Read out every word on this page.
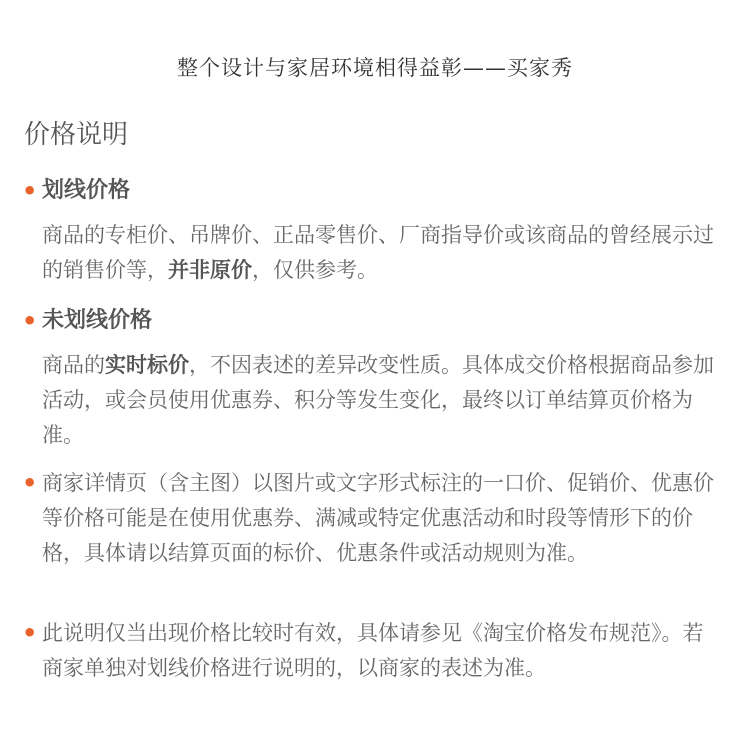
整个设计与家居环境相得益彰——买家秀
价格说明
• 划线价格
商品的专柜价、吊牌价、正品零售价、厂商指导价或该商品的曾经展示过的销售价等，并非原价，仅供参考。
• 未划线价格
商品的实时标价，不因表述的差异改变性质。具体成交价格根据商品参加活动，或会员使用优惠券、积分等发生变化，最终以订单结算页价格为准。
• 商家详情页（含主图）以图片或文字形式标注的一口价、促销价、优惠价等价格可能是在使用优惠券、满减或特定优惠活动和时段等情形下的价格，具体请以结算页面的标价、优惠条件或活动规则为准。
• 此说明仅当出现价格比较时有效，具体请参见《淘宝价格发布规范》。若商家单独对划线价格进行说明的，以商家的表述为准。
